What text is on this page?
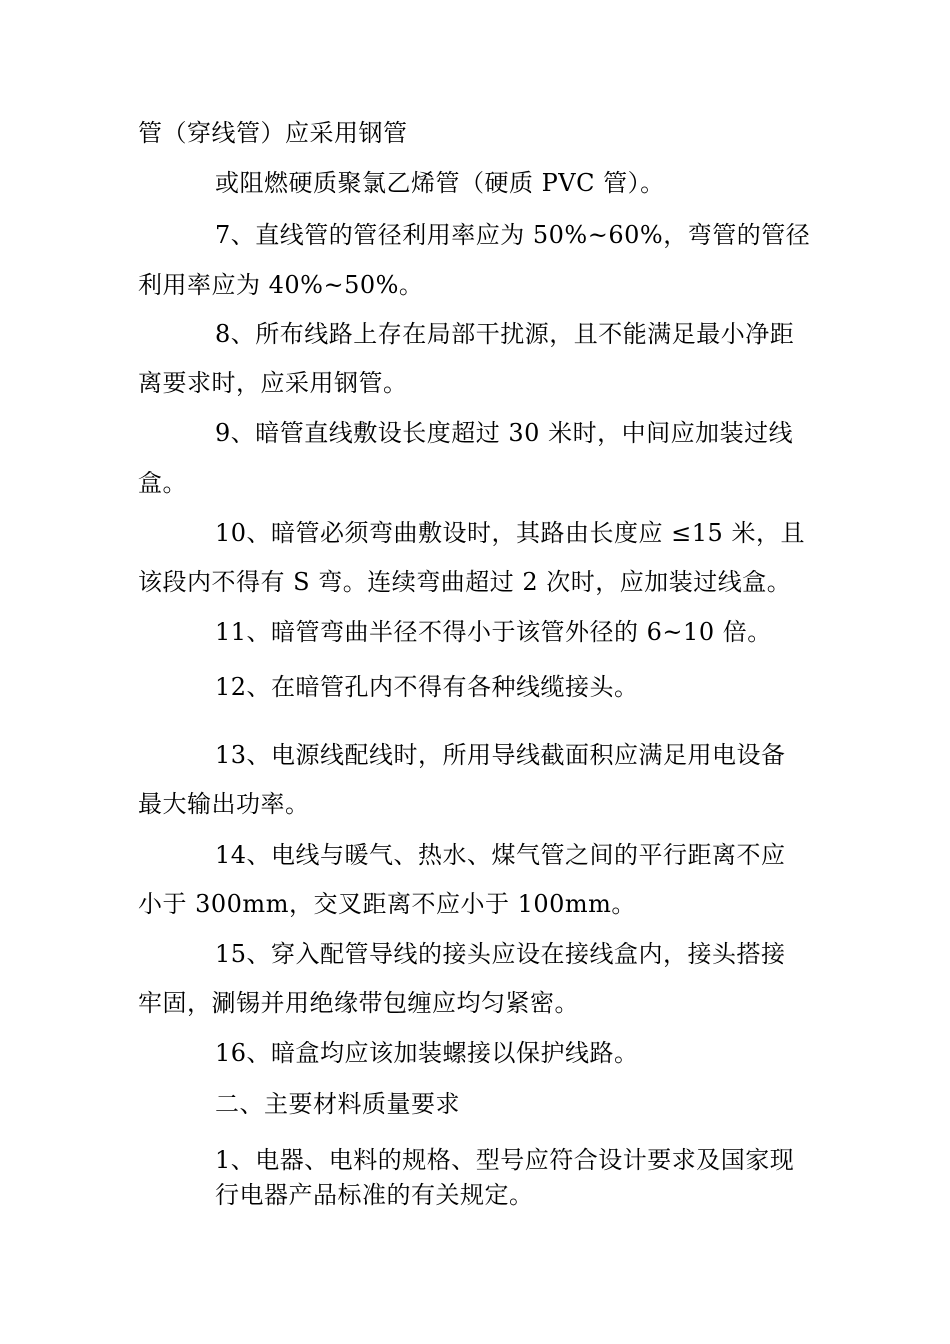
管（穿线管）应采用钢管
或阻燃硬质聚氯乙烯管（硬质 PVC 管）。
7、直线管的管径利用率应为 50%~60%，弯管的管径
利用率应为 40%~50%。
8、所布线路上存在局部干扰源，且不能满足最小净距
离要求时，应采用钢管。
9、暗管直线敷设长度超过 30 米时，中间应加装过线
盒。
10、暗管必须弯曲敷设时，其路由长度应 ≤15 米，且
该段内不得有 S 弯。连续弯曲超过 2 次时，应加装过线盒。
11、暗管弯曲半径不得小于该管外径的 6~10 倍。
12、在暗管孔内不得有各种线缆接头。
13、电源线配线时，所用导线截面积应满足用电设备
最大输出功率。
14、电线与暖气、热水、煤气管之间的平行距离不应
小于 300mm，交叉距离不应小于 100mm。
15、穿入配管导线的接头应设在接线盒内，接头搭接
牢固，涮锡并用绝缘带包缠应均匀紧密。
16、暗盒均应该加装螺接以保护线路。
二、主要材料质量要求
1、电器、电料的规格、型号应符合设计要求及国家现
行电器产品标准的有关规定。
